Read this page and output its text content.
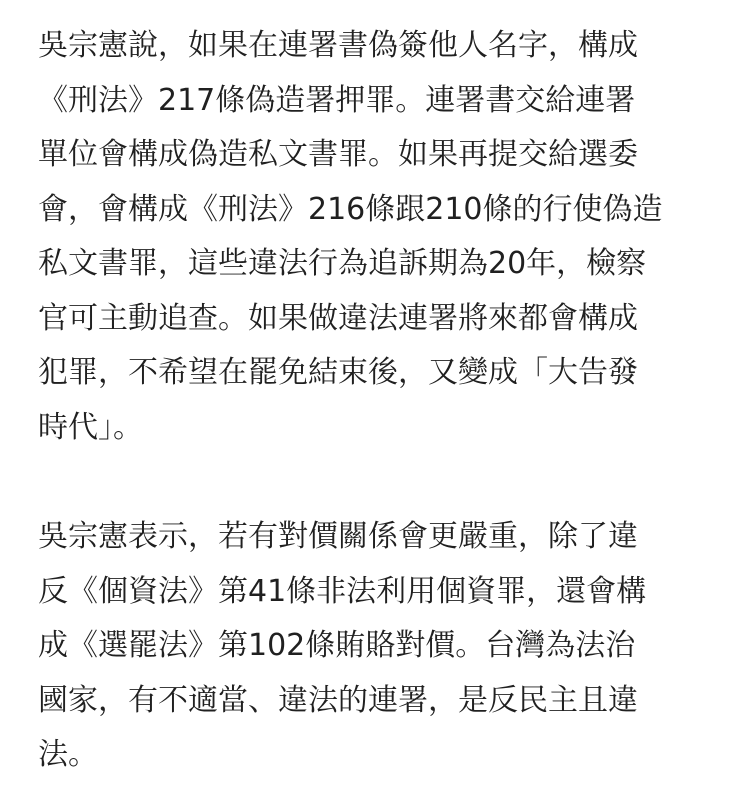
吳宗憲說，如果在連署書偽簽他人名字，構成
《刑法》217條偽造署押罪。連署書交給連署
單位會構成偽造私文書罪。如果再提交給選委
會，會構成《刑法》216條跟210條的行使偽造
私文書罪，這些違法行為追訴期為20年，檢察
官可主動追查。如果做違法連署將來都會構成
犯罪，不希望在罷免結束後，又變成「大告發
時代」。

吳宗憲表示，若有對價關係會更嚴重，除了違
反《個資法》第41條非法利用個資罪，還會構
成《選罷法》第102條賄賂對價。台灣為法治
國家，有不適當、違法的連署，是反民主且違
法。
